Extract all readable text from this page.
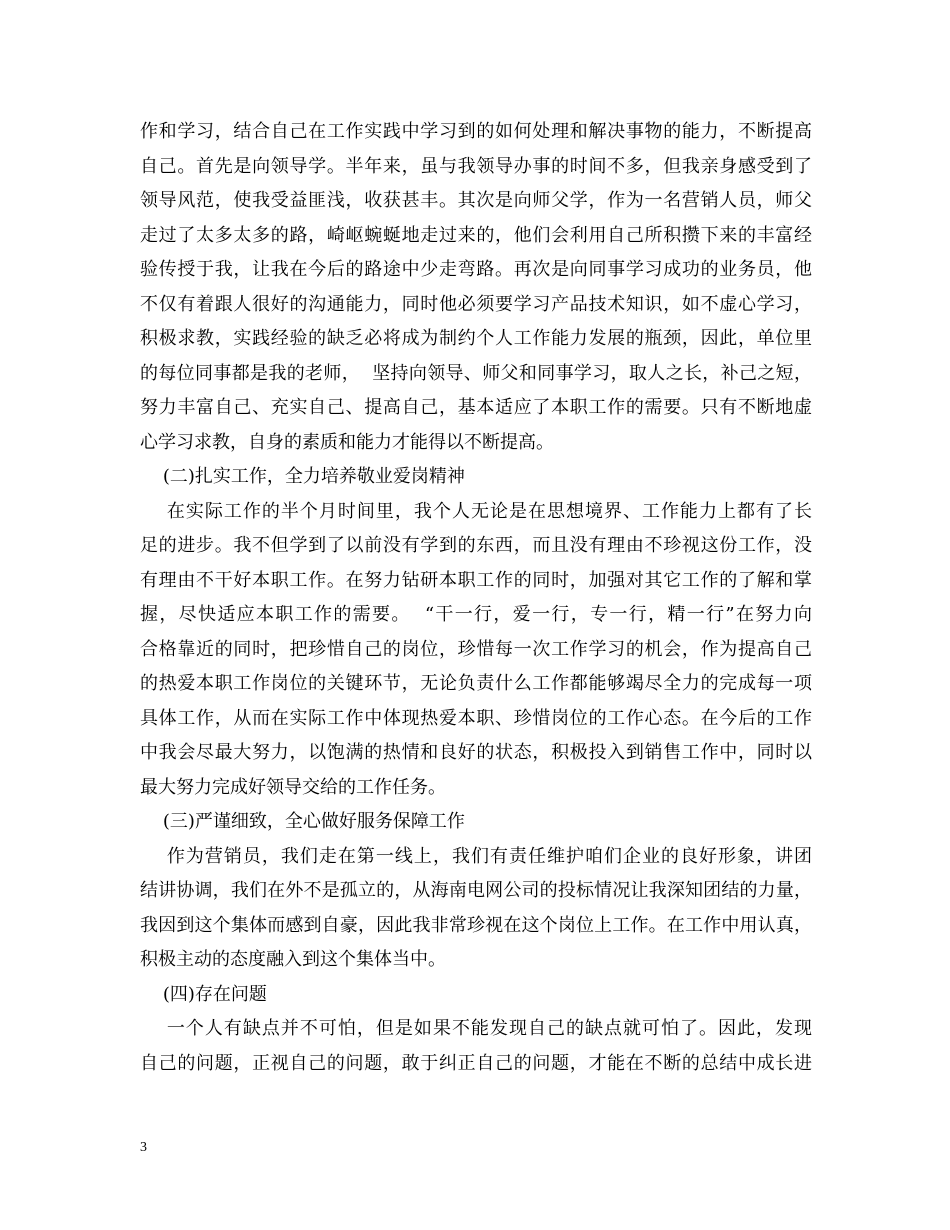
作和学习，结合自己在工作实践中学习到的如何处理和解决事物的能力，不断提高
自己。首先是向领导学。半年来，虽与我领导办事的时间不多，但我亲身感受到了
领导风范，使我受益匪浅，收获甚丰。其次是向师父学，作为一名营销人员，师父
走过了太多太多的路，崎岖蜿蜒地走过来的，他们会利用自己所积攒下来的丰富经
验传授于我，让我在今后的路途中少走弯路。再次是向同事学习成功的业务员，他
不仅有着跟人很好的沟通能力，同时他必须要学习产品技术知识，如不虚心学习，
积极求教，实践经验的缺乏必将成为制约个人工作能力发展的瓶颈，因此，单位里
的每位同事都是我的老师，  坚持向领导、师父和同事学习，取人之长，补己之短，
努力丰富自己、充实自己、提高自己，基本适应了本职工作的需要。只有不断地虚
心学习求教，自身的素质和能力才能得以不断提高。
(二)扎实工作，全力培养敬业爱岗精神
在实际工作的半个月时间里，我个人无论是在思想境界、工作能力上都有了长
足的进步。我不但学到了以前没有学到的东西，而且没有理由不珍视这份工作，没
有理由不干好本职工作。在努力钻研本职工作的同时，加强对其它工作的了解和掌
握，尽快适应本职工作的需要。  “干一行，爱一行，专一行，精一行”在努力向
合格靠近的同时，把珍惜自己的岗位，珍惜每一次工作学习的机会，作为提高自己
的热爱本职工作岗位的关键环节，无论负责什么工作都能够竭尽全力的完成每一项
具体工作，从而在实际工作中体现热爱本职、珍惜岗位的工作心态。在今后的工作
中我会尽最大努力，以饱满的热情和良好的状态，积极投入到销售工作中，同时以
最大努力完成好领导交给的工作任务。
(三)严谨细致，全心做好服务保障工作
作为营销员，我们走在第一线上，我们有责任维护咱们企业的良好形象，讲团
结讲协调，我们在外不是孤立的，从海南电网公司的投标情况让我深知团结的力量，
我因到这个集体而感到自豪，因此我非常珍视在这个岗位上工作。在工作中用认真，
积极主动的态度融入到这个集体当中。
(四)存在问题
一个人有缺点并不可怕，但是如果不能发现自己的缺点就可怕了。因此，发现
自己的问题，正视自己的问题，敢于纠正自己的问题，才能在不断的总结中成长进
3
